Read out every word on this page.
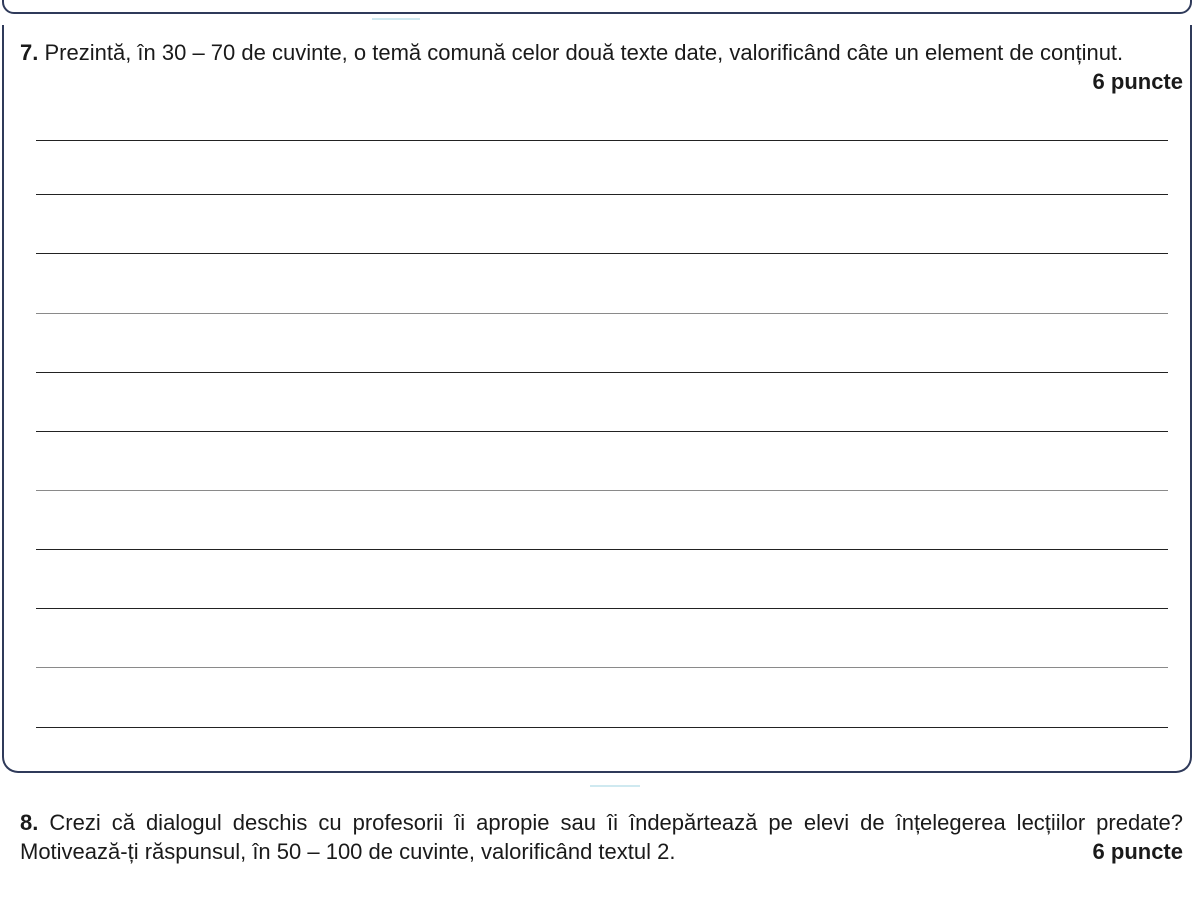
7. Prezintă, în 30 – 70 de cuvinte, o temă comună celor două texte date, valorificând câte un element de conținut.
6 puncte
8. Crezi că dialogul deschis cu profesorii îi apropie sau îi îndepărtează pe elevi de înțelegerea lecțiilor predate? Motivează-ți răspunsul, în 50 – 100 de cuvinte, valorificând textul 2.	6 puncte
